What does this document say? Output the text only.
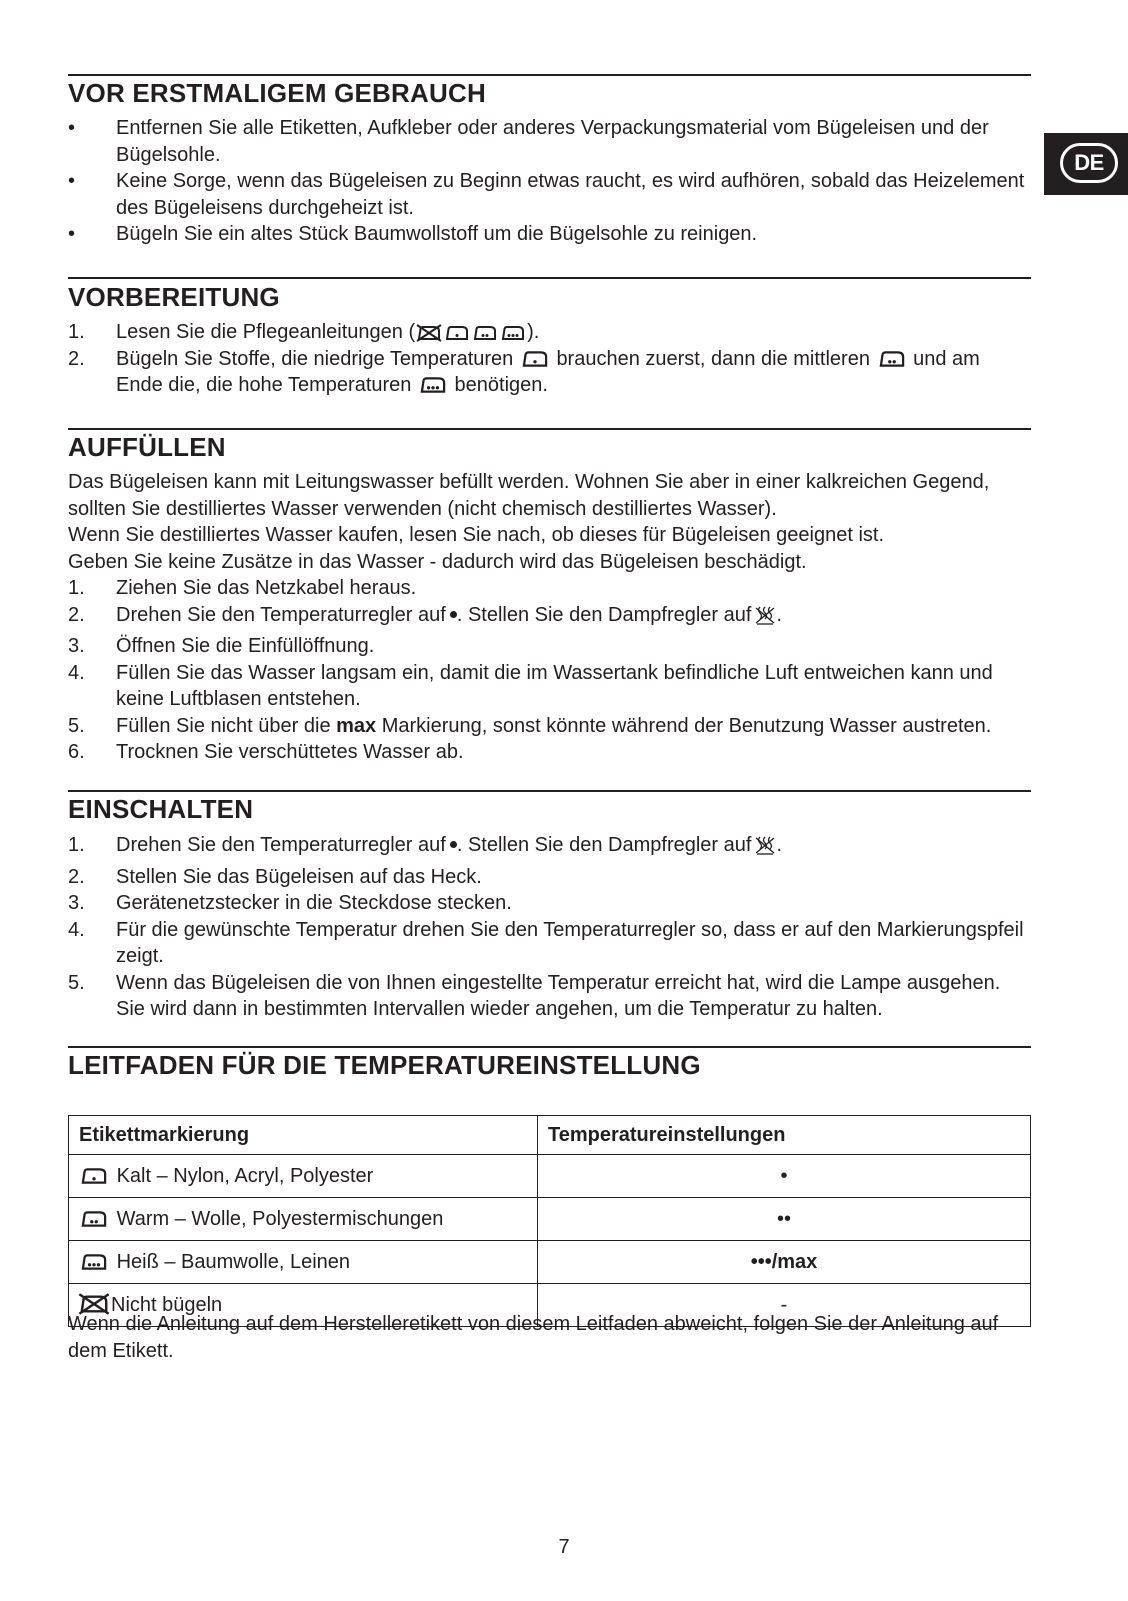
DE
VOR ERSTMALIGEM GEBRAUCH
• Entfernen Sie alle Etiketten, Aufkleber oder anderes Verpackungsmaterial vom Bügeleisen und der Bügelsohle.
• Keine Sorge, wenn das Bügeleisen zu Beginn etwas raucht, es wird aufhören, sobald das Heizelement des Bügeleisens durchgeheizt ist.
• Bügeln Sie ein altes Stück Baumwollstoff um die Bügelsohle zu reinigen.
VORBEREITUNG
1. Lesen Sie die Pflegeanleitungen (	).
2. Bügeln Sie Stoffe, die niedrige Temperaturen brauchen zuerst, dann die mittleren und am Ende die, die hohe Temperaturen benötigen.
AUFFÜLLEN

Das Bügeleisen kann mit Leitungswasser befüllt werden. Wohnen Sie aber in einer kalkreichen Gegend, sollten Sie destilliertes Wasser verwenden (nicht chemisch destilliertes Wasser).

Wenn Sie destilliertes Wasser kaufen, lesen Sie nach, ob dieses für Bügeleisen geeignet ist.

Geben Sie keine Zusätze in das Wasser - dadurch wird das Bügeleisen beschädigt.

1. Ziehen Sie das Netzkabel heraus.
2. Drehen Sie den Temperaturregler auf . Stellen Sie den Dampfregler auf .
3. Öffnen Sie die Einfüllöffnung.
4. Füllen Sie das Wasser langsam ein, damit die im Wassertank befindliche Luft entweichen kann und keine Luftblasen entstehen.
5. Füllen Sie nicht über die max Markierung, sonst könnte während der Benutzung Wasser austreten.
6. Trocknen Sie verschüttetes Wasser ab.
EINSCHALTEN
1. Drehen Sie den Temperaturregler auf . Stellen Sie den Dampfregler auf .
2. Stellen Sie das Bügeleisen auf das Heck.
3. Gerätenetzstecker in die Steckdose stecken.
4. Für die gewünschte Temperatur drehen Sie den Temperaturregler so, dass er auf den Markierungspfeil zeigt.
5. Wenn das Bügeleisen die von Ihnen eingestellte Temperatur erreicht hat, wird die Lampe ausgehen. Sie wird dann in bestimmten Intervallen wieder angehen, um die Temperatur zu halten.
LEITFADEN FÜR DIE TEMPERATUREINSTELLUNG
Etikettmarkierung	Temperatureinstellungen

Kalt – Nylon, Acryl, Polyester	•

Warm – Wolle, Polyestermischungen	••

Heiß – Baumwolle, Leinen	•••/max

Nicht bügeln	-

Wenn die Anleitung auf dem Herstelleretikett von diesem Leitfaden abweicht, folgen Sie der Anleitung auf dem Etikett.

7
